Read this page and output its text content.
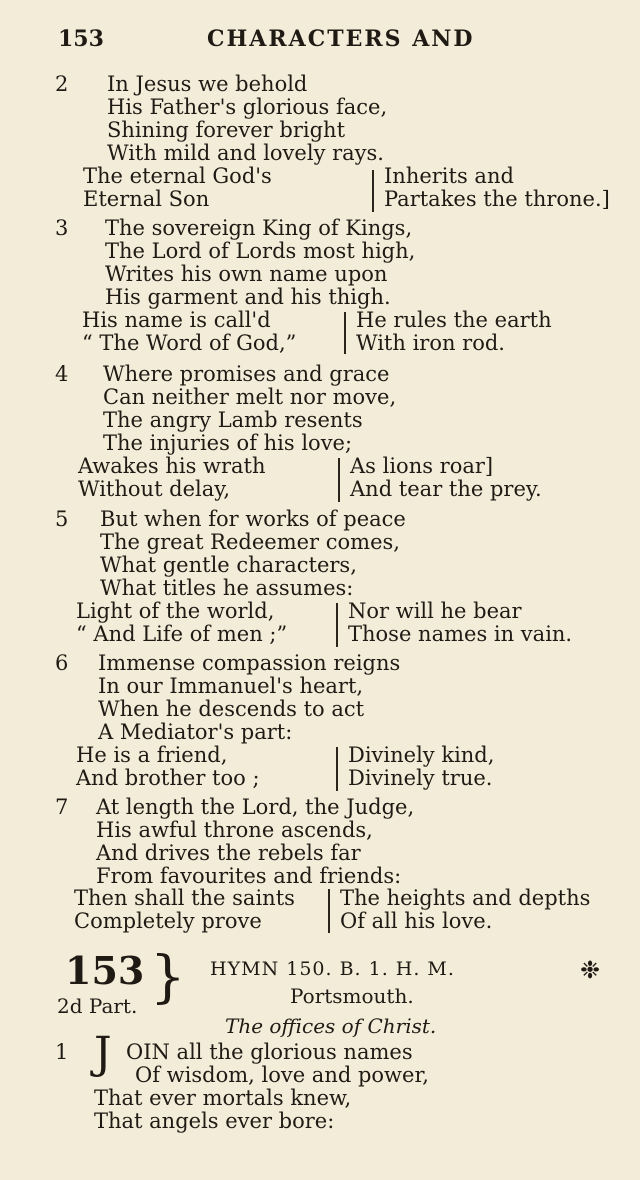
153	CHARACTERS AND
2 In Jesus we behold
His Father's glorious face,
Shining forever bright
With mild and lovely rays.
The eternal God's
Eternal Son
Inherits and
Partakes the throne.]
3 The sovereign King of Kings,
The Lord of Lords most high,
Writes his own name upon
His garment and his thigh.
His name is call'd
“ The Word of God,”
He rules the earth
With iron rod.
4 Where promises and grace
Can neither melt nor move,
The angry Lamb resents
The injuries of his love;
Awakes his wrath
Without delay,
As lions roar]
And tear the prey.
5 But when for works of peace
The great Redeemer comes,
What gentle characters,
What titles he assumes:
Light of the world,
“ And Life of men ;”
Nor will he bear
Those names in vain.
6 Immense compassion reigns
In our Immanuel's heart,
When he descends to act
A Mediator's part:
He is a friend,
And brother too ;
Divinely kind,
Divinely true.
7 At length the Lord, the Judge,
His awful throne ascends,
And drives the rebels far
From favourites and friends:
Then shall the saints
Completely prove
The heights and depths
Of all his love.
153
2d Part. } HYMN 150. B. 1. H. M.
Portsmouth.
❉
The offices of Christ.
1 J OIN all the glorious names
Of wisdom, love and power,
That ever mortals knew,
That angels ever bore:
